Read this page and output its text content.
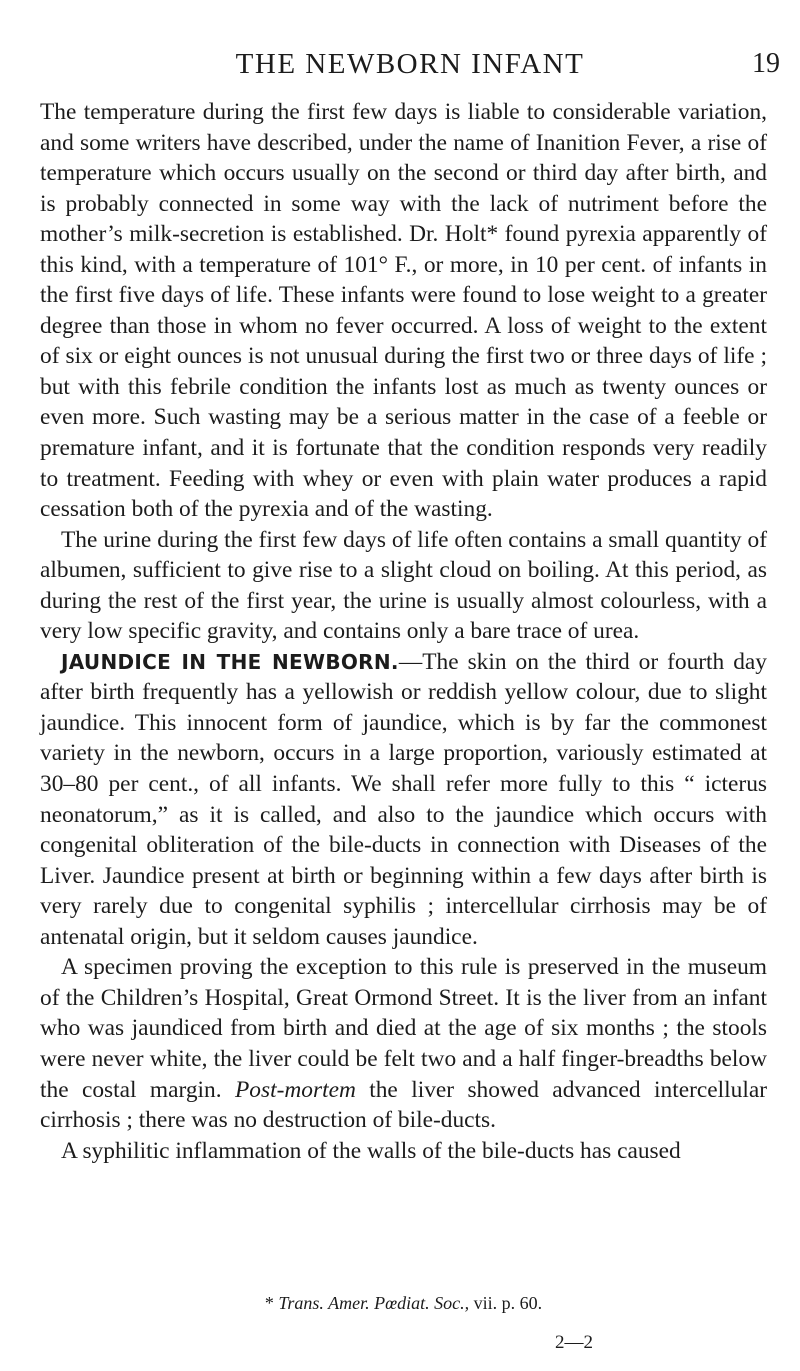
THE NEWBORN INFANT	19

The temperature during the first few days is liable to considerable variation, and some writers have described, under the name of Inanition Fever, a rise of temperature which occurs usually on the second or third day after birth, and is probably connected in some way with the lack of nutriment before the mother’s milk-secretion is established. Dr. Holt* found pyrexia apparently of this kind, with a temperature of 101° F., or more, in 10 per cent. of infants in the first five days of life. These infants were found to lose weight to a greater degree than those in whom no fever occurred. A loss of weight to the extent of six or eight ounces is not unusual during the first two or three days of life ; but with this febrile condition the infants lost as much as twenty ounces or even more. Such wasting may be a serious matter in the case of a feeble or premature infant, and it is fortunate that the condition responds very readily to treatment. Feeding with whey or even with plain water produces a rapid cessation both of the pyrexia and of the wasting.

The urine during the first few days of life often contains a small quantity of albumen, sufficient to give rise to a slight cloud on boiling. At this period, as during the rest of the first year, the urine is usually almost colourless, with a very low specific gravity, and contains only a bare trace of urea.

JAUNDICE IN THE NEWBORN.—The skin on the third or fourth day after birth frequently has a yellowish or reddish yellow colour, due to slight jaundice. This innocent form of jaundice, which is by far the commonest variety in the newborn, occurs in a large proportion, variously estimated at 30–80 per cent., of all infants. We shall refer more fully to this “ icterus neonatorum,” as it is called, and also to the jaundice which occurs with congenital obliteration of the bile-ducts in connection with Diseases of the Liver. Jaundice present at birth or beginning within a few days after birth is very rarely due to congenital syphilis ; intercellular cirrhosis may be of antenatal origin, but it seldom causes jaundice.

A specimen proving the exception to this rule is preserved in the museum of the Children’s Hospital, Great Ormond Street. It is the liver from an infant who was jaundiced from birth and died at the age of six months ; the stools were never white, the liver could be felt two and a half finger-breadths below the costal margin. Post-mortem the liver showed advanced intercellular cirrhosis ; there was no destruction of bile-ducts.

A syphilitic inflammation of the walls of the bile-ducts has caused

* Trans. Amer. Pœdiat. Soc., vii. p. 60.
2—2
